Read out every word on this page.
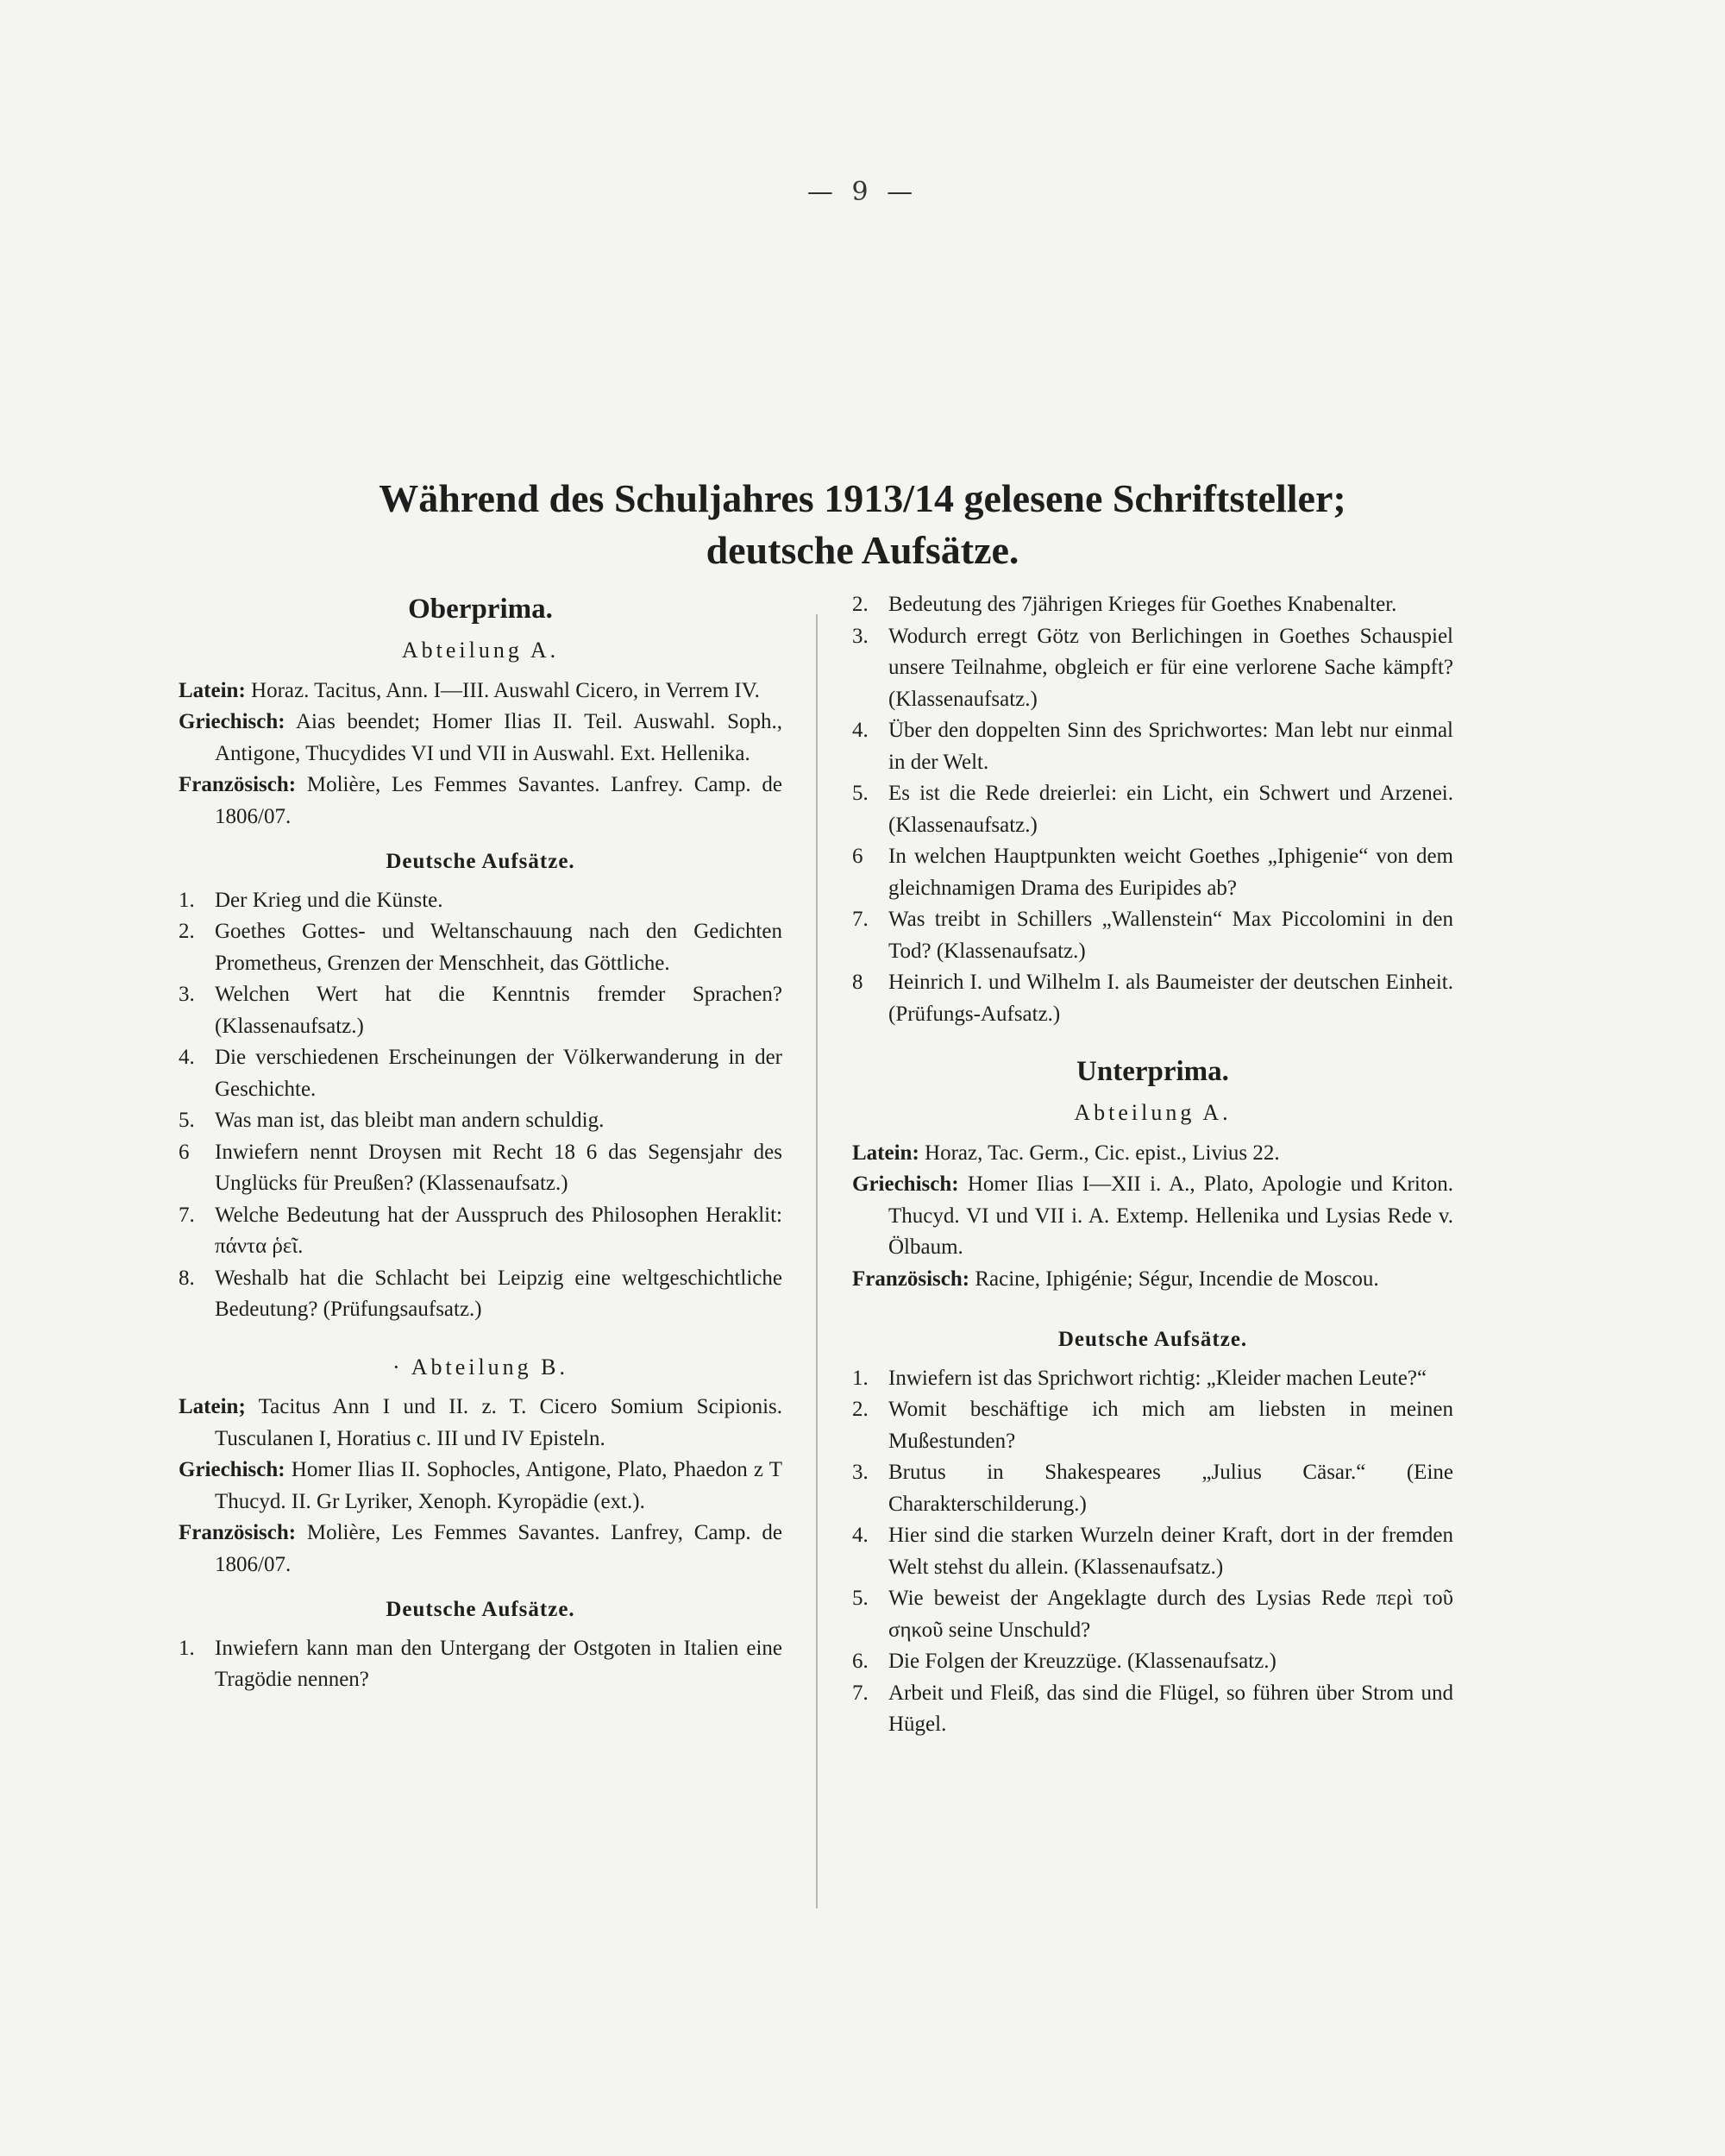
— 9 —
Während des Schuljahres 1913/14 gelesene Schriftsteller;
deutsche Aufsätze.
Oberprima.
Abteilung A.

Latein: Horaz. Tacitus, Ann. I—III. Auswahl Cicero, in Verrem IV.

Griechisch: Aias beendet; Homer Ilias II. Teil. Auswahl. Soph., Antigone, Thucydides VI und VII in Auswahl. Ext. Hellenika.

Französisch: Molière, Les Femmes Savantes. Lanfrey. Camp. de 1806/07.

Deutsche Aufsätze.
1. Der Krieg und die Künste.
2. Goethes Gottes- und Weltanschauung nach den Gedichten Prometheus, Grenzen der Menschheit, das Göttliche.
3. Welchen Wert hat die Kenntnis fremder Sprachen? (Klassenaufsatz.)
4. Die verschiedenen Erscheinungen der Völkerwanderung in der Geschichte.
5. Was man ist, das bleibt man andern schuldig.
6 Inwiefern nennt Droysen mit Recht 18 6 das Segensjahr des Unglücks für Preußen? (Klassenaufsatz.)
7. Welche Bedeutung hat der Ausspruch des Philosophen Heraklit: πάντα ῥεῖ.
8. Weshalb hat die Schlacht bei Leipzig eine weltgeschichtliche Bedeutung? (Prüfungsaufsatz.)
· Abteilung B.

Latein; Tacitus Ann I und II. z. T. Cicero Somium Scipionis. Tusculanen I, Horatius c. III und IV Episteln.

Griechisch: Homer Ilias II. Sophocles, Antigone, Plato, Phaedon z T Thucyd. II. Gr Lyriker, Xenoph. Kyropädie (ext.).

Französisch: Molière, Les Femmes Savantes. Lanfrey, Camp. de 1806/07.

Deutsche Aufsätze.
1. Inwiefern kann man den Untergang der Ostgoten in Italien eine Tragödie nennen?
2. Bedeutung des 7jährigen Krieges für Goethes Knabenalter.
3. Wodurch erregt Götz von Berlichingen in Goethes Schauspiel unsere Teilnahme, obgleich er für eine verlorene Sache kämpft? (Klassenaufsatz.)
4. Über den doppelten Sinn des Sprichwortes: Man lebt nur einmal in der Welt.
5. Es ist die Rede dreierlei: ein Licht, ein Schwert und Arzenei. (Klassenaufsatz.)
6 In welchen Hauptpunkten weicht Goethes „Iphigenie“ von dem gleichnamigen Drama des Euripides ab?
7. Was treibt in Schillers „Wallenstein“ Max Piccolomini in den Tod? (Klassenaufsatz.)
8 Heinrich I. und Wilhelm I. als Baumeister der deutschen Einheit. (Prüfungs-Aufsatz.)
Unterprima.
Abteilung A.

Latein: Horaz, Tac. Germ., Cic. epist., Livius 22.

Griechisch: Homer Ilias I—XII i. A., Plato, Apologie und Kriton. Thucyd. VI und VII i. A. Extemp. Hellenika und Lysias Rede v. Ölbaum.

Französisch: Racine, Iphigénie; Ségur, Incendie de Moscou.

Deutsche Aufsätze.
1. Inwiefern ist das Sprichwort richtig: „Kleider machen Leute?“
2. Womit beschäftige ich mich am liebsten in meinen Mußestunden?
3. Brutus in Shakespeares „Julius Cäsar.“ (Eine Charakterschilderung.)
4. Hier sind die starken Wurzeln deiner Kraft, dort in der fremden Welt stehst du allein. (Klassenaufsatz.)
5. Wie beweist der Angeklagte durch des Lysias Rede περὶ τοῦ σηκοῦ seine Unschuld?
6. Die Folgen der Kreuzzüge. (Klassenaufsatz.)
7. Arbeit und Fleiß, das sind die Flügel, so führen über Strom und Hügel.
